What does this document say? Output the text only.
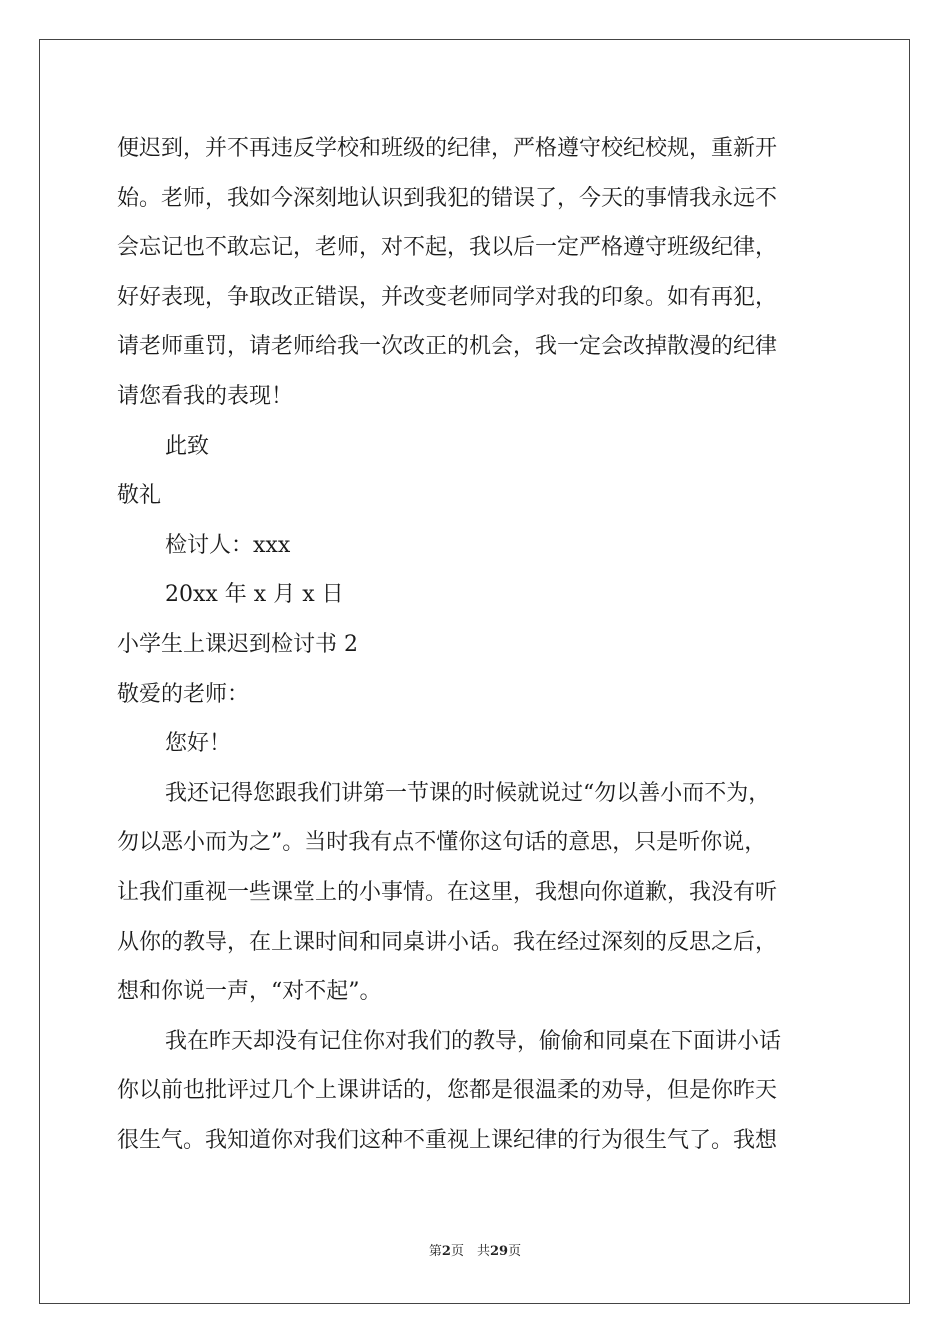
便迟到，并不再违反学校和班级的纪律，严格遵守校纪校规，重新开
始。老师，我如今深刻地认识到我犯的错误了，今天的事情我永远不
会忘记也不敢忘记，老师，对不起，我以后一定严格遵守班级纪律，
好好表现，争取改正错误，并改变老师同学对我的印象。如有再犯，
请老师重罚，请老师给我一次改正的机会，我一定会改掉散漫的纪律
请您看我的表现！
此致
敬礼
检讨人：xxx
20xx 年 x 月 x 日
小学生上课迟到检讨书 2
敬爱的老师：
您好！
我还记得您跟我们讲第一节课的时候就说过“勿以善小而不为，
勿以恶小而为之”。当时我有点不懂你这句话的意思，只是听你说，
让我们重视一些课堂上的小事情。在这里，我想向你道歉，我没有听
从你的教导，在上课时间和同桌讲小话。我在经过深刻的反思之后，
想和你说一声，“对不起”。
我在昨天却没有记住你对我们的教导，偷偷和同桌在下面讲小话
你以前也批评过几个上课讲话的，您都是很温柔的劝导，但是你昨天
很生气。我知道你对我们这种不重视上课纪律的行为很生气了。我想
第2页　共29页
